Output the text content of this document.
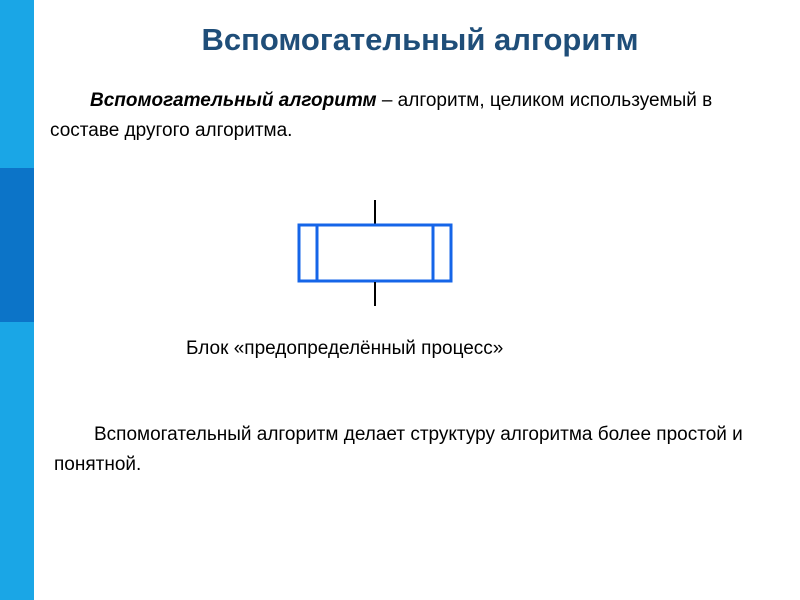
Вспомогательный алгоритм

Вспомогательный алгоритм – алгоритм, целиком используемый в составе другого алгоритма.

Блок «предопределённый процесс»

Вспомогательный алгоритм делает структуру алгоритма более простой и понятной.
